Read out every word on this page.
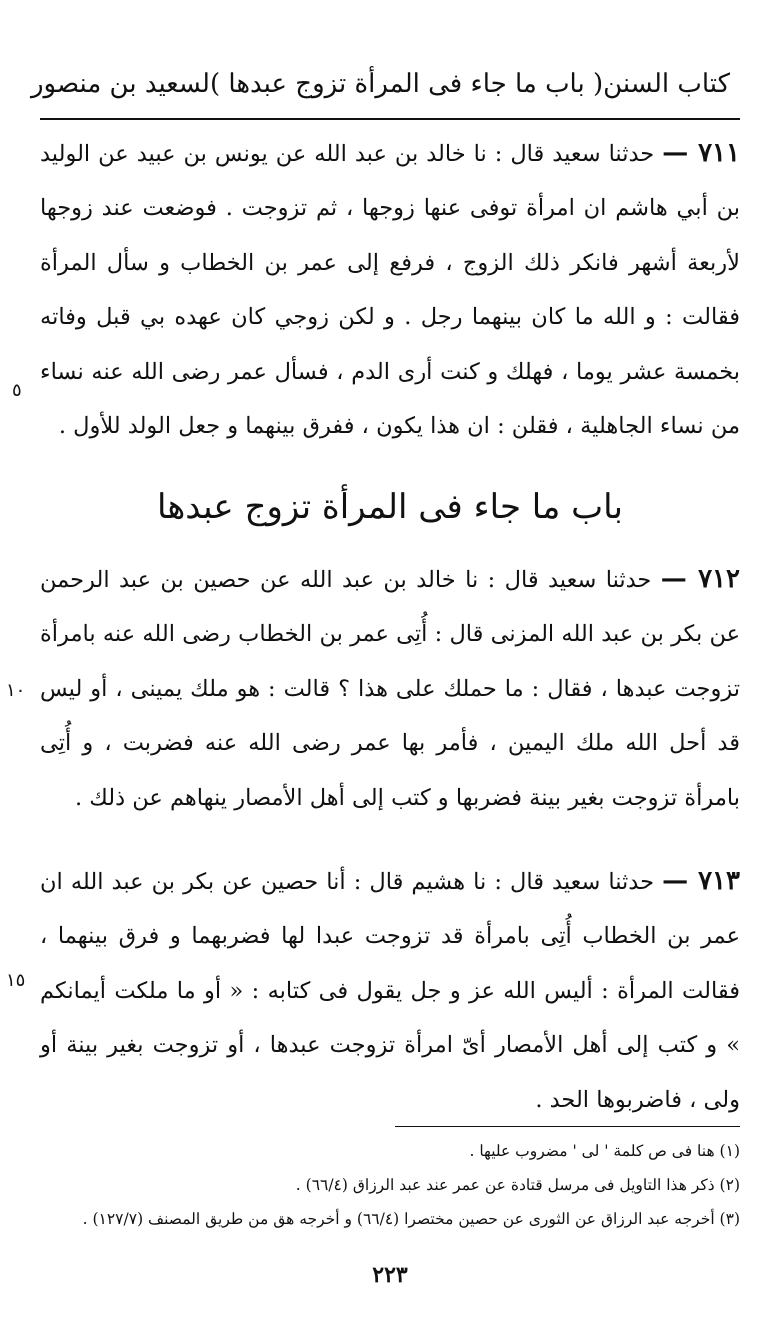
كتاب السنن
( باب ما جاء فى المرأة تزوج عبدها )
لسعيد بن منصور

٧١١ — حدثنا سعيد قال : نا خالد بن عبد الله عن يونس بن عبيد عن الوليد بن أبي هاشم ان امرأة توفى عنها زوجها ، ثم تزوجت . فوضعت عند زوجها لأربعة أشهر فانكر ذلك الزوج ، فرفع إلى عمر بن الخطاب و سأل المرأة فقالت : و الله ما كان بينهما رجل . و لكن زوجي كان عهده بي قبل وفاته بخمسة عشر يوما ، فهلك و كنت أرى الدم ، فسأل عمر رضى الله عنه نساء من نساء الجاهلية ، فقلن : ان هذا يكون ، ففرق بينهما و جعل الولد للأول .

باب ما جاء فى المرأة تزوج عبدها

٧١٢ — حدثنا سعيد قال : نا خالد بن عبد الله عن حصين بن عبد الرحمن عن بكر بن عبد الله المزنى قال : أُتِى عمر بن الخطاب رضى الله عنه بامرأة تزوجت عبدها ، فقال : ما حملك على هذا ؟ قالت : هو ملك يمينى ، أو ليس قد أحل الله ملك اليمين ، فأمر بها عمر رضى الله عنه فضربت ، و أُتِى بامرأة تزوجت بغير بينة فضربها و كتب إلى أهل الأمصار ينهاهم عن ذلك .

٧١٣ — حدثنا سعيد قال : نا هشيم قال : أنا حصين عن بكر بن عبد الله ان عمر بن الخطاب أُتِى بامرأة قد تزوجت عبدا لها فضربهما و فرق بينهما ، فقالت المرأة : أليس الله عز و جل يقول فى كتابه : « أو ما ملكت أيمانكم » و كتب إلى أهل الأمصار أىّ امرأة تزوجت عبدها ، أو تزوجت بغير بينة أو ولى ، فاضربوها الحد .

٥
١٠
١٥
(١) هنا فى ص كلمة ' لى ' مضروب عليها .
(٢) ذكر هذا التاويل فى مرسل قتادة عن عمر عند عبد الرزاق (٦٦/٤) .
(٣) أخرجه عبد الرزاق عن الثورى عن حصين مختصرا (٦٦/٤) و أخرجه هق من طريق المصنف (١٢٧/٧) .
٢٢٣
